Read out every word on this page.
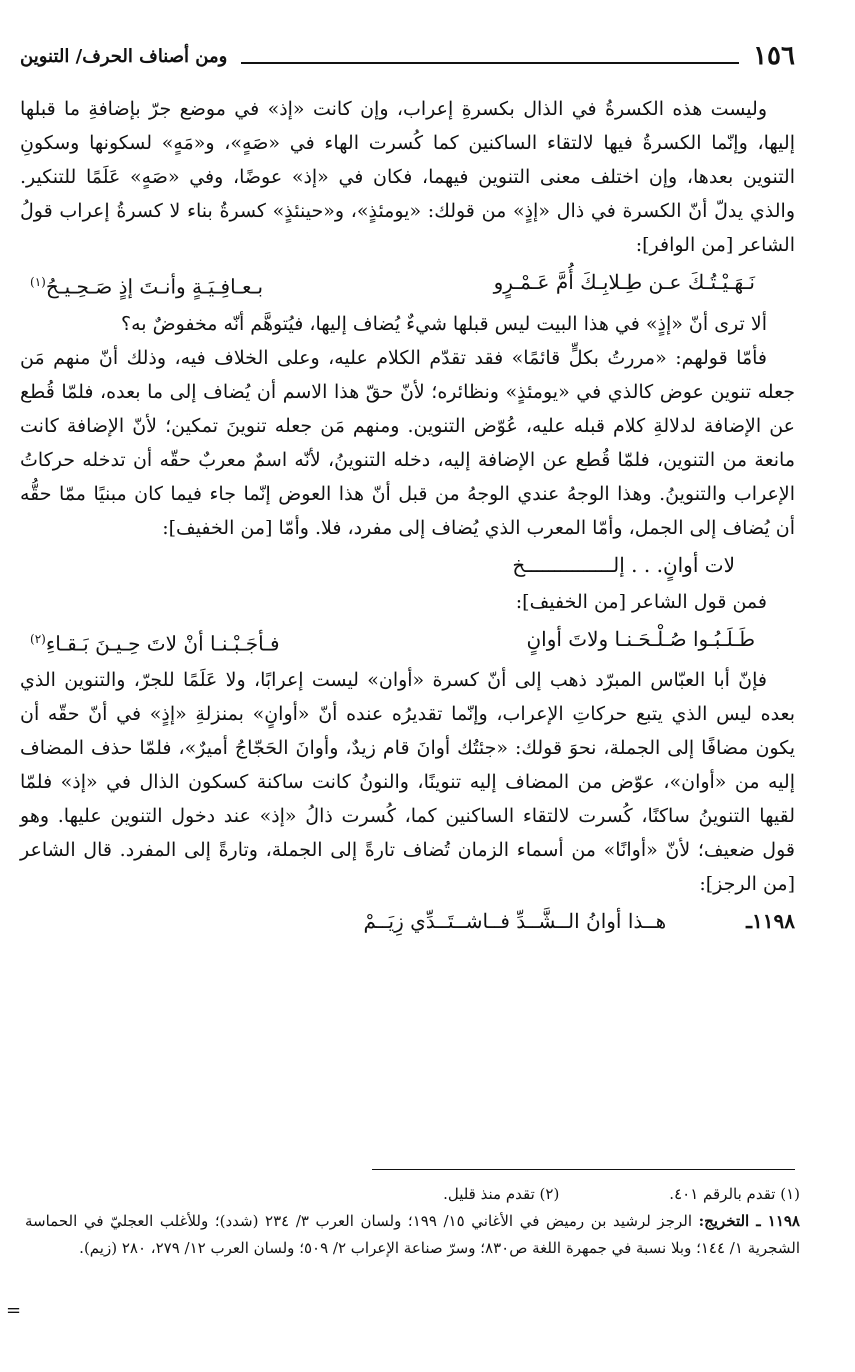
١٥٦
ومن أصناف الحرف/ التنوين

وليست هذه الكسرةُ في الذال بكسرةِ إعراب، وإن كانت «إذ» في موضع جرّ بإضافةِ ما قبلها إليها، وإنّما الكسرةُ فيها لالتقاء الساكنين كما كُسرت الهاء في «صَهٍ»، و«مَهٍ» لسكونها وسكونِ التنوين بعدها، وإن اختلف معنى التنوين فيهما، فكان في «إذ» عوضًا، وفي «صَهٍ» عَلَمًا للتنكير. والذي يدلّ أنّ الكسرة في ذال «إذٍ» من قولك: «يومئذٍ»، و«حينئذٍ» كسرةُ بناء لا كسرةُ إعراب قولُ الشاعر [من الوافر]:

نَـهَـيْـتُـكَ عـن طِـلابِـكَ أُمَّ عَـمْـرٍو
بـعـافِـيَـةٍ وأنـتَ إذٍ صَـحِـيـحُ$^{(١)}$

ألا ترى أنّ «إذٍ» في هذا البيت ليس قبلها شيءٌ يُضاف إليها، فيُتوهَّم أنّه مخفوضٌ به؟

فأمّا قولهم: «مررتُ بكلٍّ قائمًا» فقد تقدّم الكلام عليه، وعلى الخلاف فيه، وذلك أنّ منهم مَن جعله تنوين عوض كالذي في «يومئذٍ» ونظائره؛ لأنّ حقّ هذا الاسم أن يُضاف إلى ما بعده، فلمّا قُطع عن الإضافة لدلالةِ كلام قبله عليه، عُوّض التنوين. ومنهم مَن جعله تنوينَ تمكين؛ لأنّ الإضافة كانت مانعة من التنوين، فلمّا قُطع عن الإضافة إليه، دخله التنوينُ، لأنّه اسمٌ معربٌ حقّه أن تدخله حركاتُ الإعراب والتنوينُ. وهذا الوجهُ عندي الوجهُ من قبل أنّ هذا العوض إنّما جاء فيما كان مبنيًا ممّا حقُّه أن يُضاف إلى الجمل، وأمّا المعرب الذي يُضاف إلى مفرد، فلا. وأمّا [من الخفيف]:

لات أوانٍ. . . إلـــــــــــــــخ

فمن قول الشاعر [من الخفيف]:

طَـلَـبُـوا صُـلْـحَـنـا ولاتَ أوانٍ
فـأجَـبْـنـا أنْ لاتَ حِـيـنَ بَـقـاءِ$^{(٢)}$

فإنّ أبا العبّاس المبرّد ذهب إلى أنّ كسرة «أوان» ليست إعرابًا، ولا عَلَمًا للجرّ، والتنوين الذي بعده ليس الذي يتبع حركاتِ الإعراب، وإنّما تقديرُه عنده أنّ «أوانٍ» بمنزلةِ «إذٍ» في أنّ حقّه أن يكون مضافًا إلى الجملة، نحوَ قولك: «جئتُك أوانَ قام زيدٌ، وأوانَ الحَجّاجُ أميرٌ»، فلمّا حذف المضاف إليه من «أوان»، عوّض من المضاف إليه تنوينًا، والنونُ كانت ساكنة كسكون الذال في «إذ» فلمّا لقيها التنوينُ ساكنًا، كُسرت لالتقاء الساكنين كما، كُسرت ذالُ «إذ» عند دخول التنوين عليها. وهو قول ضعيف؛ لأنّ «أوانًا» من أسماء الزمان تُضاف تارةً إلى الجملة، وتارةً إلى المفرد. قال الشاعر [من الرجز]:

١١٩٨ـ
هــذا أوانُ الــشَّــدِّ فــاشــتَــدِّي زِيَــمْ
(١) تقدم بالرقم ٤٠١.
(٢) تقدم منذ قليل.

١١٩٨ ـ التخريج: الرجز لرشيد بن رميض في الأغاني ١٥/ ١٩٩؛ ولسان العرب ٣/ ٢٣٤ (شدد)؛ وللأغلب العجليّ في الحماسة الشجرية ١/ ١٤٤؛ وبلا نسبة في جمهرة اللغة ص٨٣٠؛ وسرّ صناعة الإعراب ٢/ ٥٠٩؛ ولسان العرب ١٢/ ٢٧٩، ٢٨٠ (زيم).

=
